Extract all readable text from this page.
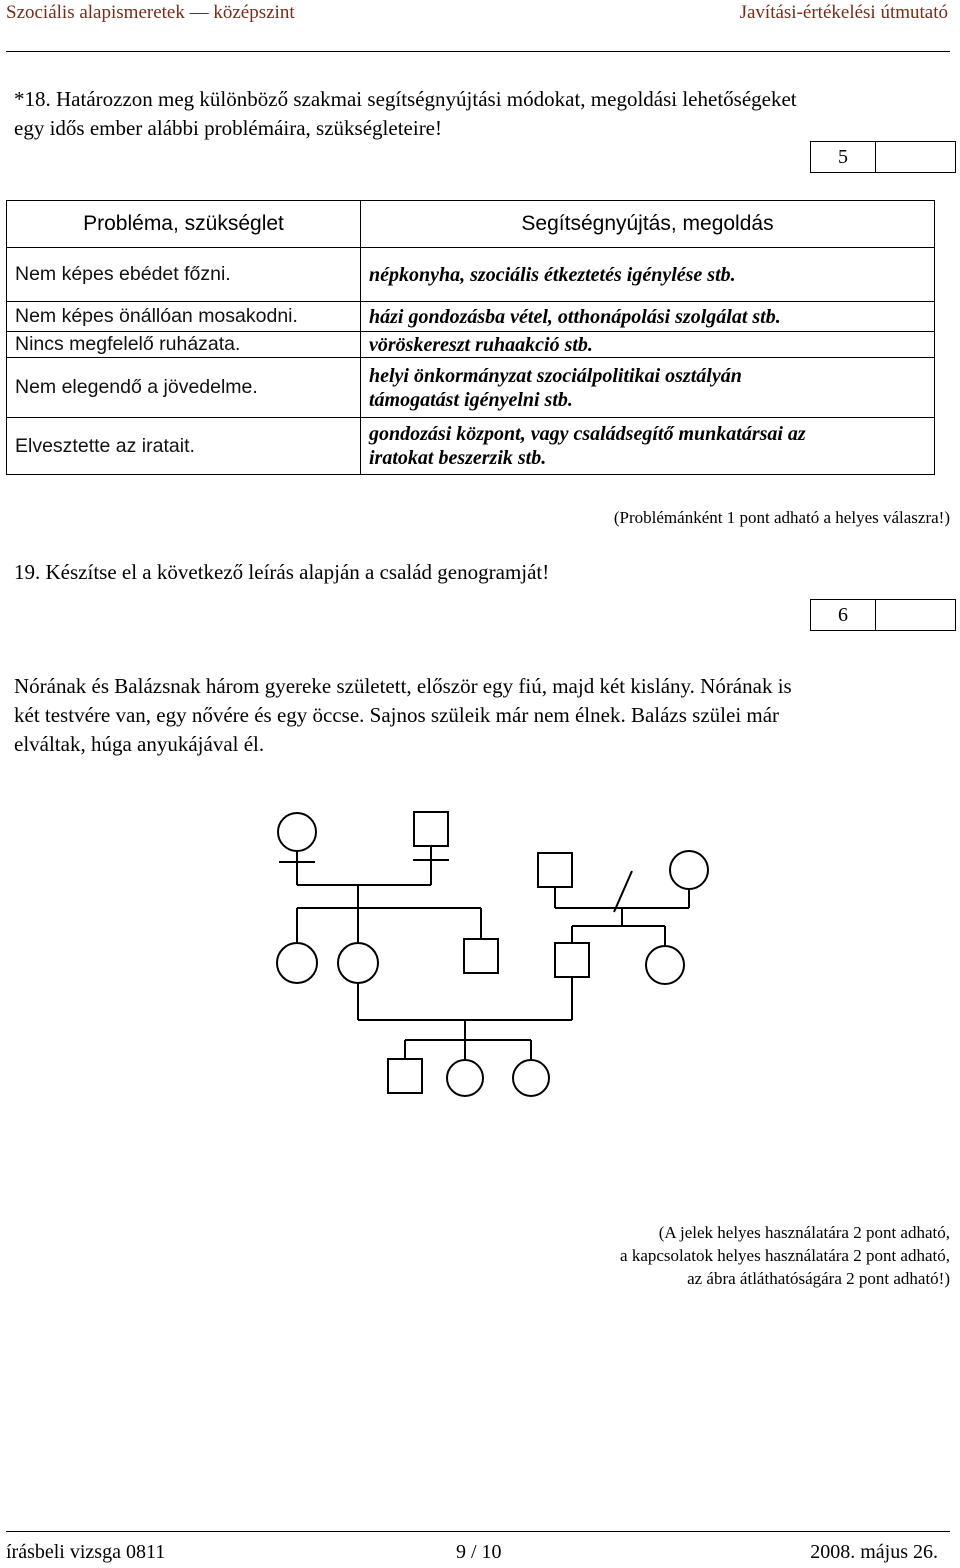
Szociális alapismeretek — középszint	Javítási-értékelési útmutató
*18. Határozzon meg különböző szakmai segítségnyújtási módokat, megoldási lehetőségeket
egy idős ember alábbi problémáira, szükségleteire!
5
Probléma, szükséglet	Segítségnyújtás, megoldás
Nem képes ebédet főzni.	népkonyha, szociális étkeztetés igénylése stb.
Nem képes önállóan mosakodni.	házi gondozásba vétel, otthonápolási szolgálat stb.
Nincs megfelelő ruházata.	vöröskereszt ruhaakció stb.
Nem elegendő a jövedelme.	helyi önkormányzat szociálpolitikai osztályán
támogatást igényelni stb.

Elvesztette az iratait.	gondozási központ, vagy családsegítő munkatársai az
iratokat beszerzik stb.
(Problémánként 1 pont adható a helyes válaszra!)
19. Készítse el a következő leírás alapján a család genogramját!
6
Nórának és Balázsnak három gyereke született, először egy fiú, majd két kislány. Nórának is
két testvére van, egy nővére és egy öccse. Sajnos szüleik már nem élnek. Balázs szülei már
elváltak, húga anyukájával él.
(A jelek helyes használatára 2 pont adható,
a kapcsolatok helyes használatára 2 pont adható,
az ábra átláthatóságára 2 pont adható!)
írásbeli vizsga 0811	9 / 10	2008. május 26.
